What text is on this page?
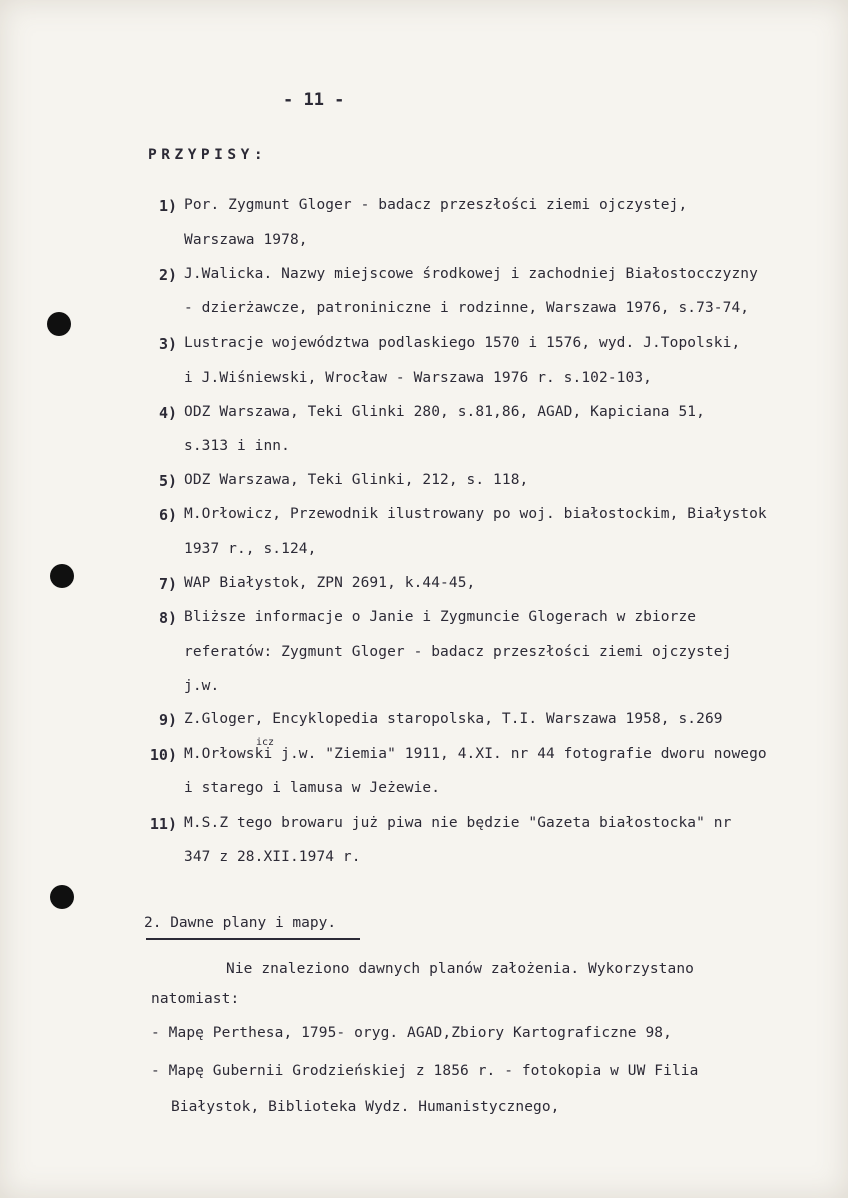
- 11 -
PRZYPISY:
1) Por. Zygmunt Gloger - badacz przeszłości ziemi ojczystej,
Warszawa 1978,
2) J.Walicka. Nazwy miejscowe środkowej i zachodniej Białostocczyzny
- dzierżawcze, patroniniczne i rodzinne, Warszawa 1976, s.73-74,
3) Lustracje województwa podlaskiego 1570 i 1576, wyd. J.Topolski,
i J.Wiśniewski, Wrocław - Warszawa 1976 r. s.102-103,
4) ODZ Warszawa, Teki Glinki 280, s.81,86, AGAD, Kapiciana 51,
s.313 i inn.
5) ODZ Warszawa, Teki Glinki, 212, s. 118,
6) M.Orłowicz, Przewodnik ilustrowany po woj. białostockim, Białystok
1937 r., s.124,
7) WAP Białystok, ZPN 2691, k.44-45,
8) Bliższe informacje o Janie i Zygmuncie Glogerach w zbiorze
referatów: Zygmunt Gloger - badacz przeszłości ziemi ojczystej
j.w.
9) Z.Gloger, Encyklopedia staropolska, T.I. Warszawa 1958, s.269
icz
10) M.Orłowski j.w. "Ziemia" 1911, 4.XI. nr 44 fotografie dworu nowego
i starego i lamusa w Jeżewie.
11) M.S.Z tego browaru już piwa nie będzie "Gazeta białostocka" nr
347 z 28.XII.1974 r.
2. Dawne plany i mapy.
Nie znaleziono dawnych planów założenia. Wykorzystano
natomiast:
- Mapę Perthesa, 1795- oryg. AGAD,Zbiory Kartograficzne 98,
- Mapę Gubernii Grodzieńskiej z 1856 r. - fotokopia w UW Filia
Białystok, Biblioteka Wydz. Humanistycznego,
